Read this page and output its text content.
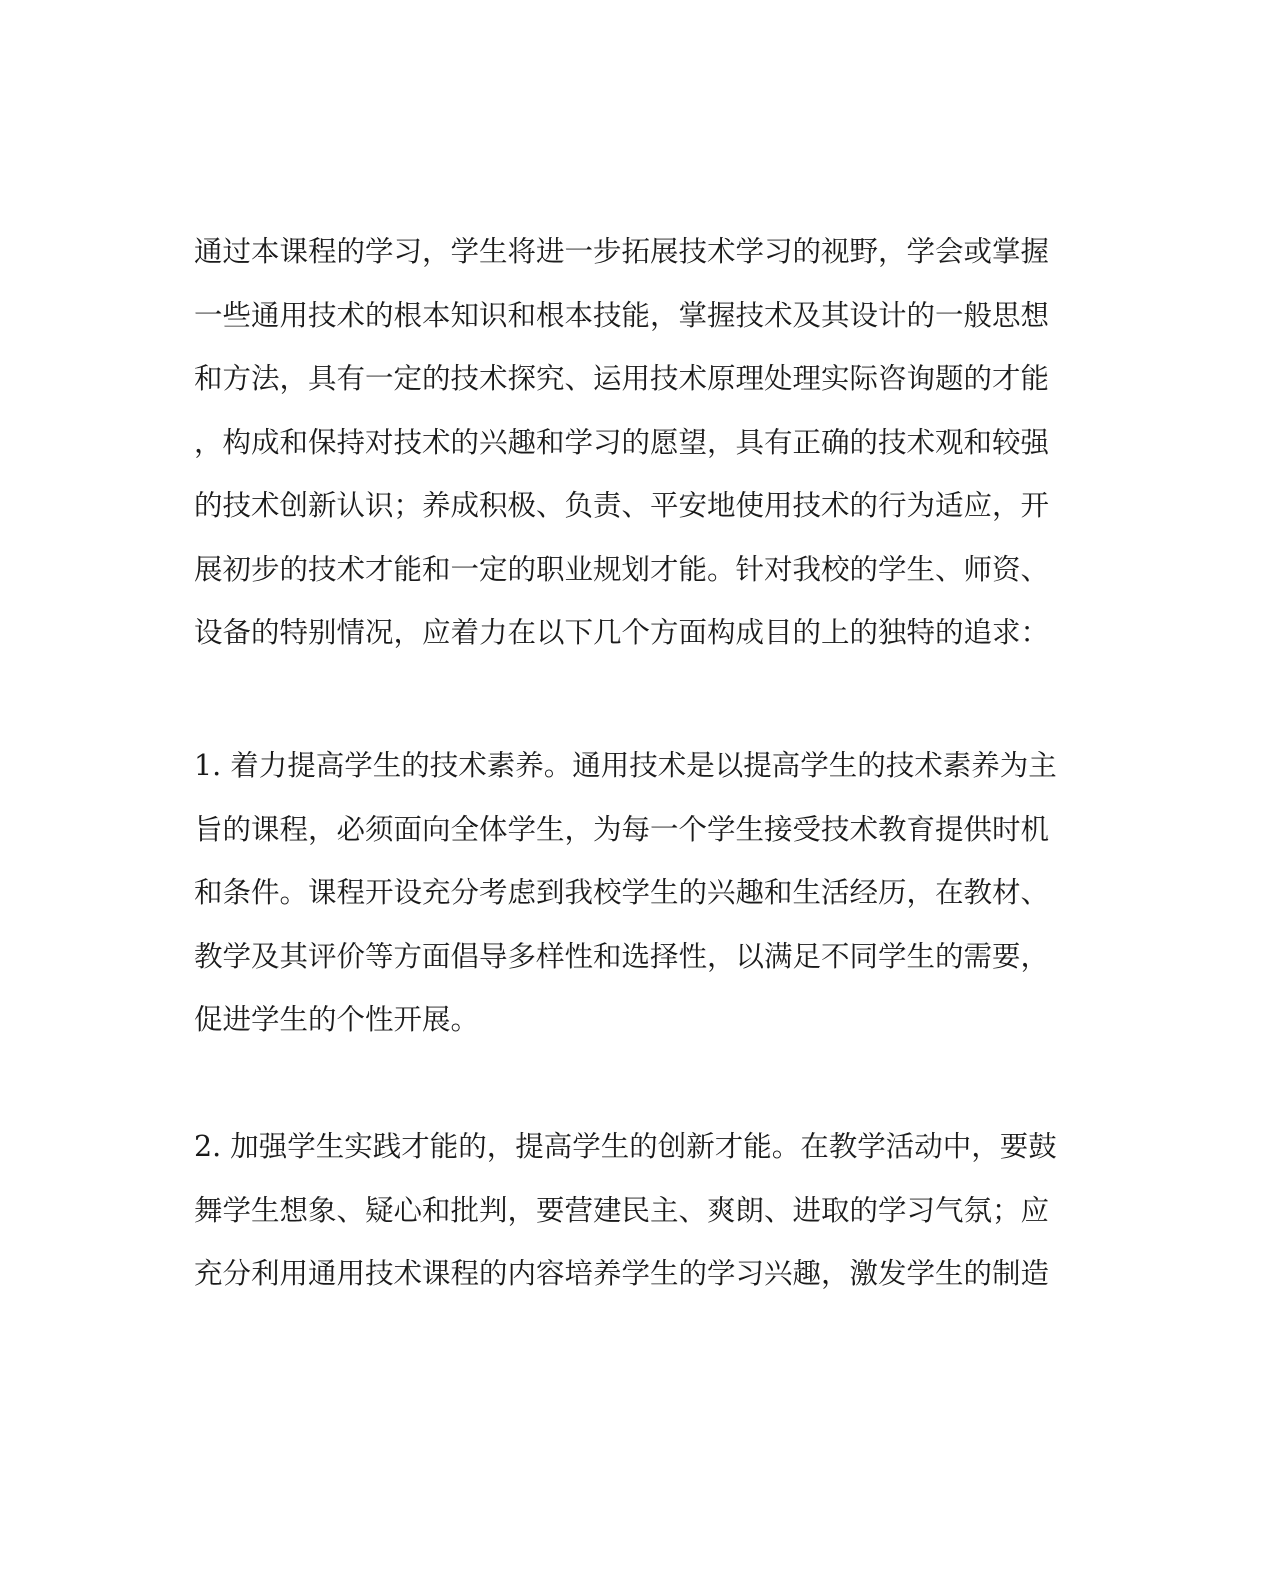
通过本课程的学习，学生将进一步拓展技术学习的视野，学会或掌握
一些通用技术的根本知识和根本技能，掌握技术及其设计的一般思想
和方法，具有一定的技术探究、运用技术原理处理实际咨询题的才能
，构成和保持对技术的兴趣和学习的愿望，具有正确的技术观和较强
的技术创新认识；养成积极、负责、平安地使用技术的行为适应，开
展初步的技术才能和一定的职业规划才能。针对我校的学生、师资、
设备的特别情况，应着力在以下几个方面构成目的上的独特的追求：
1. 着力提高学生的技术素养。通用技术是以提高学生的技术素养为主
旨的课程，必须面向全体学生，为每一个学生接受技术教育提供时机
和条件。课程开设充分考虑到我校学生的兴趣和生活经历，在教材、
教学及其评价等方面倡导多样性和选择性，以满足不同学生的需要，
促进学生的个性开展。
2. 加强学生实践才能的，提高学生的创新才能。在教学活动中，要鼓
舞学生想象、疑心和批判，要营建民主、爽朗、进取的学习气氛；应
充分利用通用技术课程的内容培养学生的学习兴趣，激发学生的制造
